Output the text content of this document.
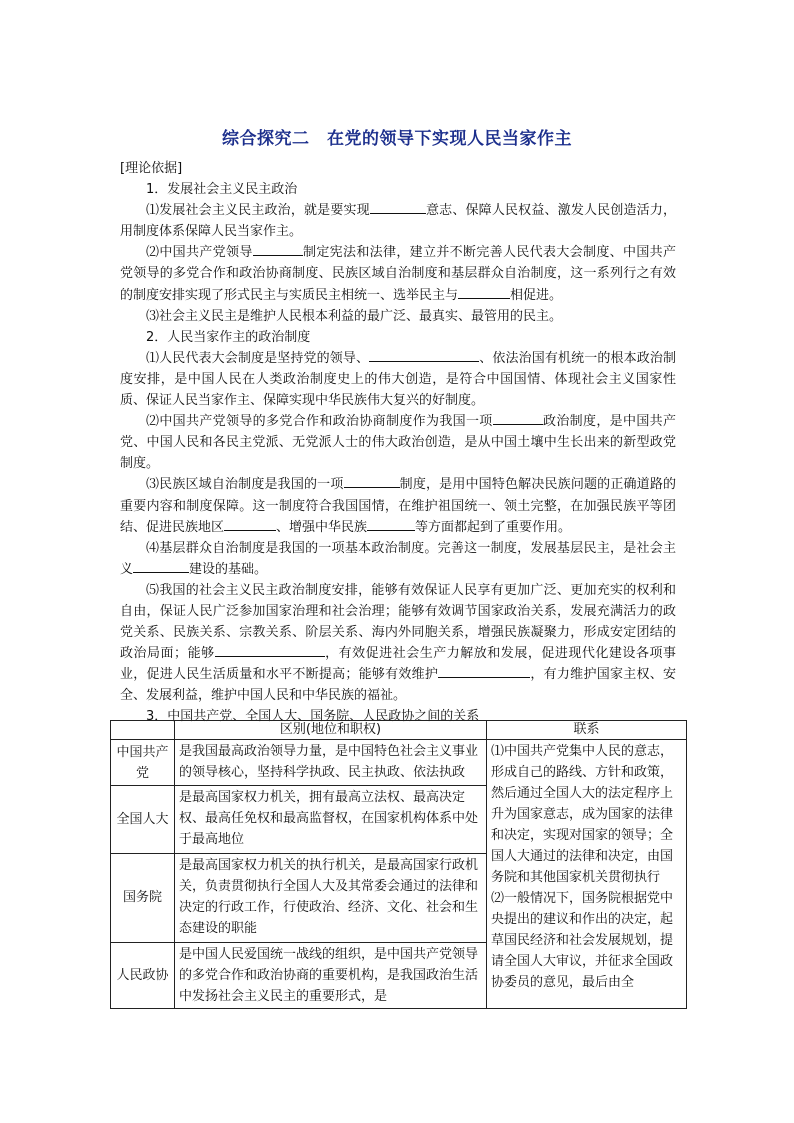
综合探究二　在党的领导下实现人民当家作主

[理论依据]

1．发展社会主义民主政治

⑴发展社会主义民主政治，就是要实现	意志、保障人民权益、激发人民创造活力，用制度体系保障人民当家作主。

⑵中国共产党领导	制定宪法和法律，建立并不断完善人民代表大会制度、中国共产党领导的多党合作和政治协商制度、民族区域自治制度和基层群众自治制度，这一系列行之有效的制度安排实现了形式民主与实质民主相统一、选举民主与	相促进。

⑶社会主义民主是维护人民根本利益的最广泛、最真实、最管用的民主。

2．人民当家作主的政治制度

⑴人民代表大会制度是坚持党的领导、	、依法治国有机统一的根本政治制度安排，是中国人民在人类政治制度史上的伟大创造，是符合中国国情、体现社会主义国家性质、保证人民当家作主、保障实现中华民族伟大复兴的好制度。

⑵中国共产党领导的多党合作和政治协商制度作为我国一项	政治制度，是中国共产党、中国人民和各民主党派、无党派人士的伟大政治创造，是从中国土壤中生长出来的新型政党制度。

⑶民族区域自治制度是我国的一项	制度，是用中国特色解决民族问题的正确道路的重要内容和制度保障。这一制度符合我国国情，在维护祖国统一、领土完整，在加强民族平等团结、促进民族地区	、增强中华民族	等方面都起到了重要作用。

⑷基层群众自治制度是我国的一项基本政治制度。完善这一制度，发展基层民主，是社会主义	建设的基础。

⑸我国的社会主义民主政治制度安排，能够有效保证人民享有更加广泛、更加充实的权利和自由，保证人民广泛参加国家治理和社会治理；能够有效调节国家政治关系，发展充满活力的政党关系、民族关系、宗教关系、阶层关系、海内外同胞关系，增强民族凝聚力，形成安定团结的政治局面；能够	，有效促进社会生产力解放和发展，促进现代化建设各项事业，促进人民生活质量和水平不断提高；能够有效维护	，有力维护国家主权、安全、发展利益，维护中国人民和中华民族的福祉。

3．中国共产党、全国人大、国务院、人民政协之间的关系

	区别(地位和职权)	联系
中国共产党	是我国最高政治领导力量，是中国特色社会主义事业的领导核心，坚持科学执政、民主执政、依法执政	⑴中国共产党集中人民的意志，形成自己的路线、方针和政策，然后通过全国人大的法定程序上升为国家意志，成为国家的法律和决定，实现对国家的领导；全国人大通过的法律和决定，由国务院和其他国家机关贯彻执行
⑵一般情况下，国务院根据党中央提出的建议和作出的决定，起草国民经济和社会发展规划，提请全国人大审议，并征求全国政协委员的意见，最后由全

全国人大	是最高国家权力机关，拥有最高立法权、最高决定权、最高任免权和最高监督权，在国家机构体系中处于最高地位	
国务院	是最高国家权力机关的执行机关，是最高国家行政机关，负责贯彻执行全国人大及其常委会通过的法律和决定的行政工作，行使政治、经济、文化、社会和生态建设的职能	
人民政协	是中国人民爱国统一战线的组织，是中国共产党领导的多党合作和政治协商的重要机构，是我国政治生活中发扬社会主义民主的重要形式，是	
